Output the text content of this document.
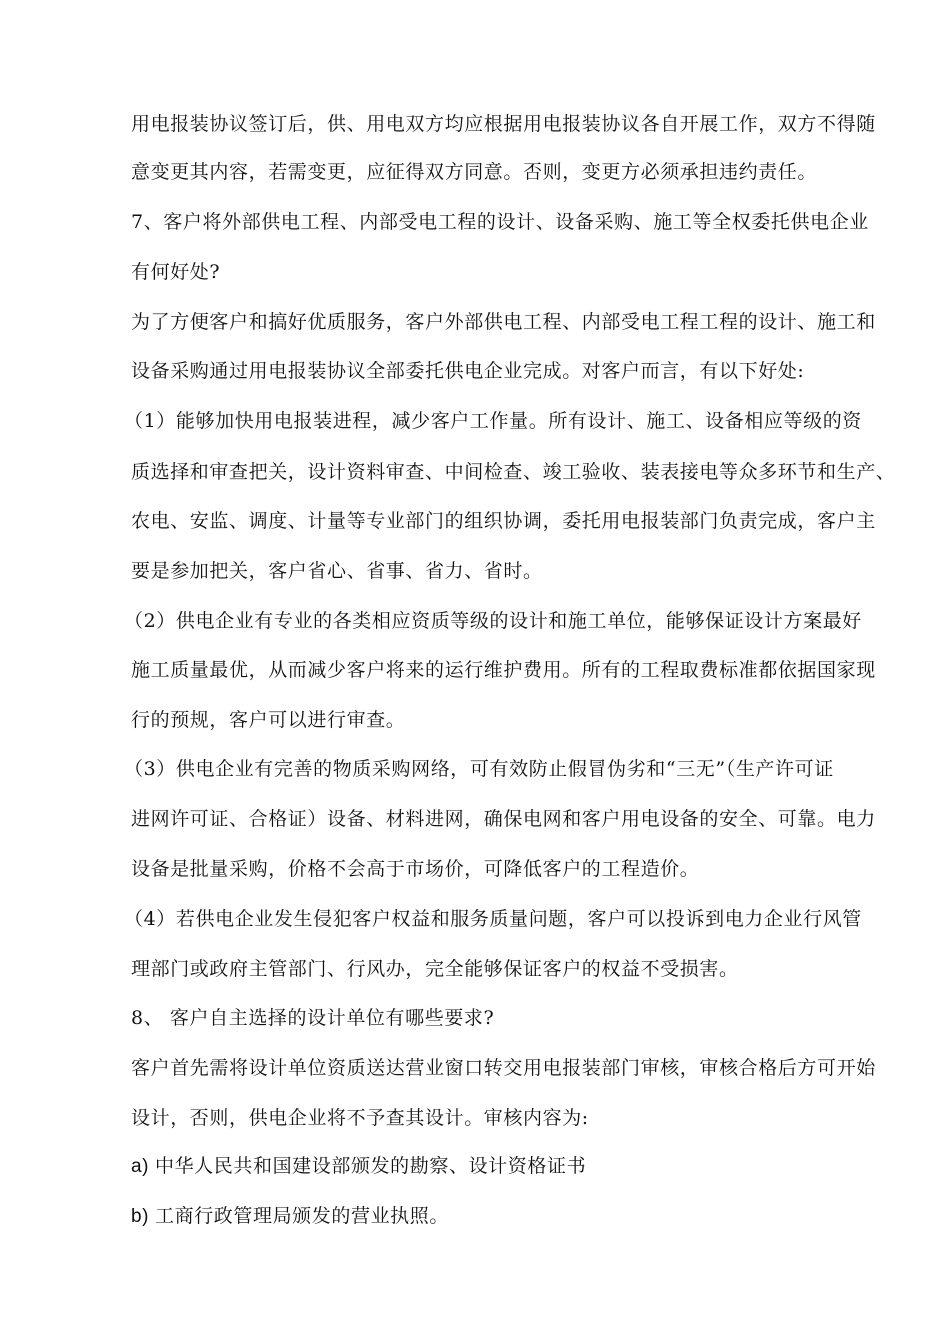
用电报装协议签订后，供、用电双方均应根据用电报装协议各自开展工作，双方不得随

意变更其内容，若需变更，应征得双方同意。否则，变更方必须承担违约责任。

7、客户将外部供电工程、内部受电工程的设计、设备采购、施工等全权委托供电企业

有何好处?

为了方便客户和搞好优质服务，客户外部供电工程、内部受电工程工程的设计、施工和

设备采购通过用电报装协议全部委托供电企业完成。对客户而言，有以下好处:

（1）能够加快用电报装进程，减少客户工作量。所有设计、施工、设备相应等级的资

质选择和审查把关，设计资料审查、中间检查、竣工验收、装表接电等众多环节和生产、

农电、安监、调度、计量等专业部门的组织协调，委托用电报装部门负责完成，客户主

要是参加把关，客户省心、省事、省力、省时。

（2）供电企业有专业的各类相应资质等级的设计和施工单位，能够保证设计方案最好

施工质量最优，从而减少客户将来的运行维护费用。所有的工程取费标准都依据国家现

行的预规，客户可以进行审查。

（3）供电企业有完善的物质采购网络，可有效防止假冒伪劣和“三无”（生产许可证

进网许可证、合格证）设备、材料进网，确保电网和客户用电设备的安全、可靠。电力

设备是批量采购，价格不会高于市场价，可降低客户的工程造价。

（4）若供电企业发生侵犯客户权益和服务质量问题，客户可以投诉到电力企业行风管

理部门或政府主管部门、行风办，完全能够保证客户的权益不受损害。

8、 客户自主选择的设计单位有哪些要求?

客户首先需将设计单位资质送达营业窗口转交用电报装部门审核，审核合格后方可开始

设计，否则，供电企业将不予查其设计。审核内容为:

a) 中华人民共和国建设部颁发的勘察、设计资格证书

b) 工商行政管理局颁发的营业执照。
